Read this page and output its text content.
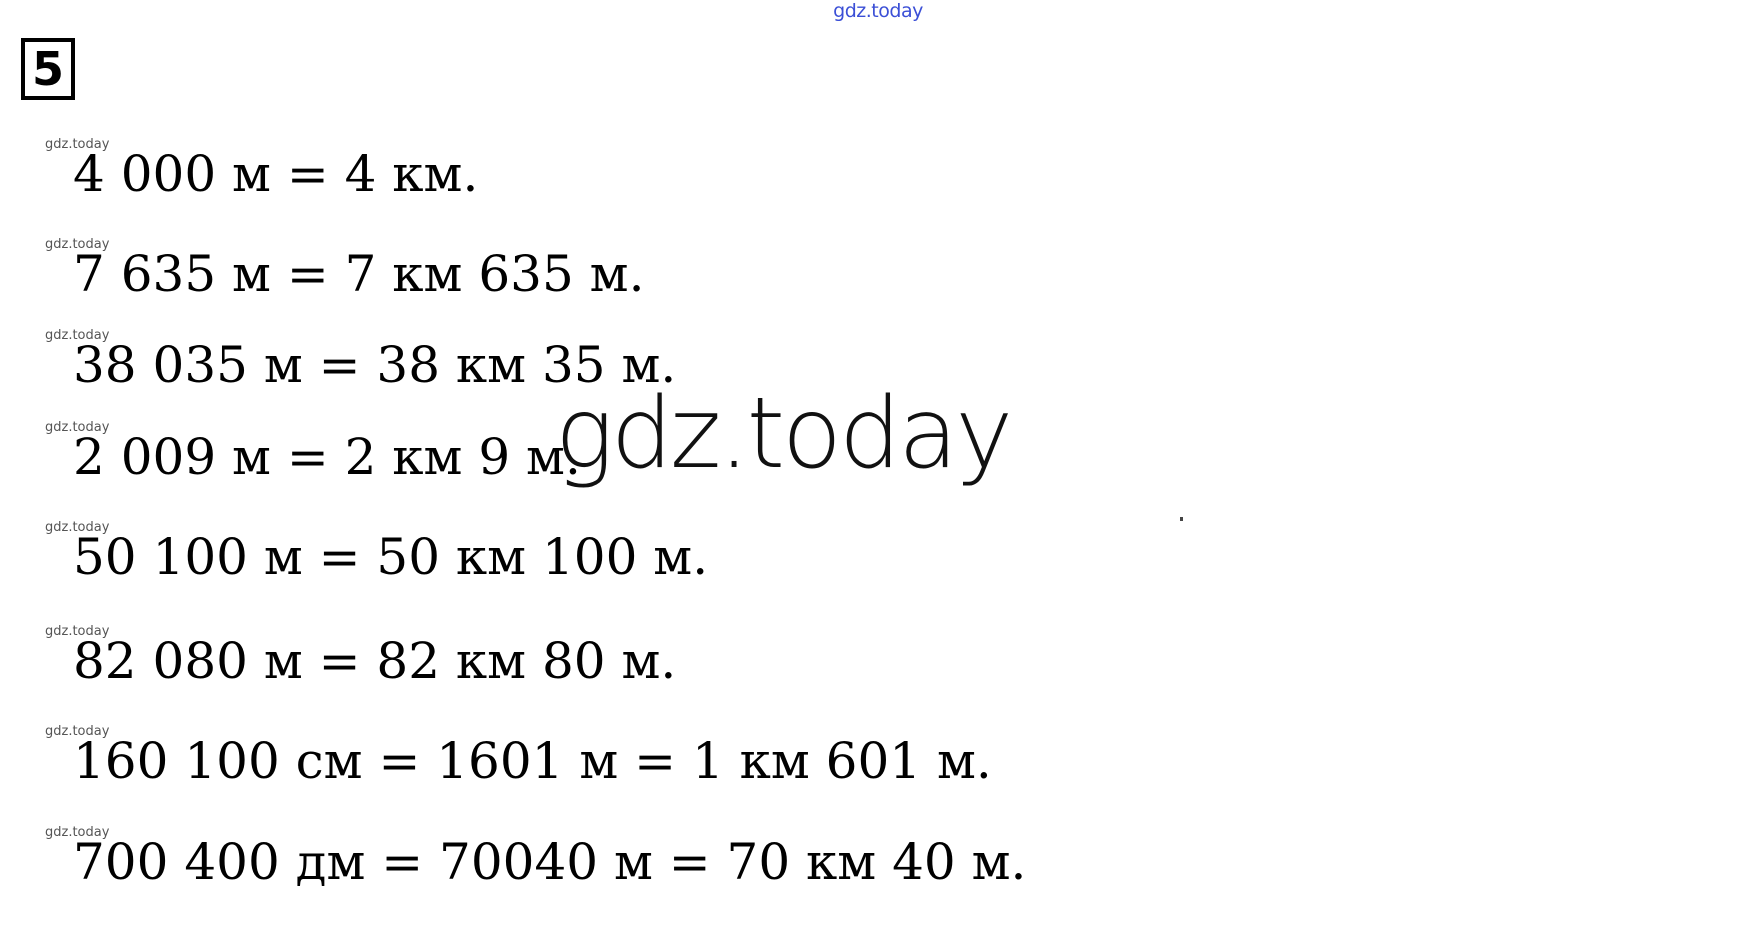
gdz.today
5
gdz.today
4 000 м = 4 км.
gdz.today
7 635 м = 7 км 635 м.
gdz.today
38 035 м = 38 км 35 м.
gdz.today
2 009 м = 2 км 9 м.
gdz.today
50 100 м = 50 км 100 м.
gdz.today
82 080 м = 82 км 80 м.
gdz.today
160 100 см = 1601 м = 1 км 601 м.
gdz.today
700 400 дм = 70040 м = 70 км 40 м.
gdz.today
